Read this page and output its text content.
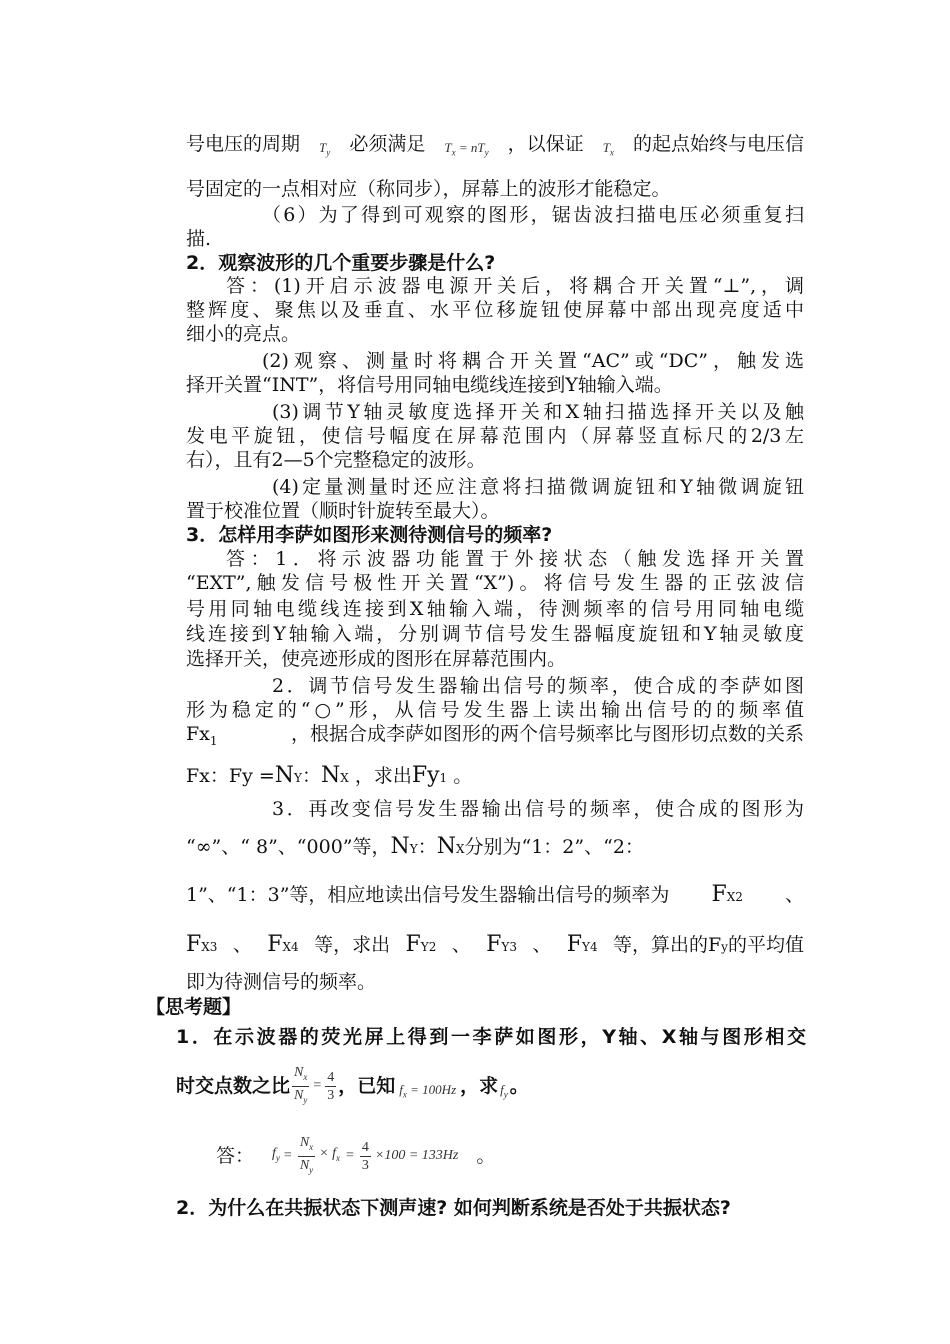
号电压的周期 $T_y$ 必须满足 $T_x = nT_y$ ，以保证 $T_x$ 的起点始终与电压信
号固定的一点相对应（称同步），屏幕上的波形才能稳定。
（6）为了得到可观察的图形，锯齿波扫描电压必须重复扫
描.
2．观察波形的几个重要步骤是什么?
答：(1)开启示波器电源开关后，将耦合开关置“⊥”,，调
整辉度、聚焦以及垂直、水平位移旋钮使屏幕中部出现亮度适中
细小的亮点。
(2)观察、测量时将耦合开关置“AC”或“DC”，触发选
择开关置“INT”，将信号用同轴电缆线连接到Y轴输入端。
(3)调节Y轴灵敏度选择开关和X轴扫描选择开关以及触
发电平旋钮，使信号幅度在屏幕范围内（屏幕竖直标尺的2/3左
右），且有2—5个完整稳定的波形。
(4)定量测量时还应注意将扫描微调旋钮和Y轴微调旋钮
置于校准位置（顺时针旋转至最大）。
3．怎样用李萨如图形来测待测信号的频率?
答：1．将示波器功能置于外接状态（触发选择开关置
“EXT”,触发信号极性开关置“X”)。将信号发生器的正弦波信
号用同轴电缆线连接到X轴输入端，待测频率的信号用同轴电缆
线连接到Y轴输入端，分别调节信号发生器幅度旋钮和Y轴灵敏度
选择开关，使亮迹形成的图形在屏幕范围内。
2．调节信号发生器输出信号的频率，使合成的李萨如图
形为稳定的“○”形，从信号发生器上读出输出信号的的频率值
$Fx_1$	，根据合成李萨如图形的两个信号频率比与图形切点数的关系
Fx：Fy =NY：NX ，求出Fy1 。
3．再改变信号发生器输出信号的频率，使合成的图形为
“∞”、“ 8”、“000”等，NY：NX分别为“1：2”、“2：
1”、“1：3”等，相应地读出信号发生器输出信号的频率为 FX2 、
FX3 、 FX4 等，求出 FY2 、 FY3 、 FY4 等，算出的Fy的平均值
即为待测信号的频率。
【思考题】
1．在示波器的荧光屏上得到一李萨如图形，Y轴、X轴与图形相交
时交点数之比 $\frac{N_x}{N_y} = \frac{4}{3}$ ，已知 $f_x = 100Hz$ ，求 $f_y$ 。
答： $f_y = \frac{N_x}{N_y} \times f_x = \frac{4}{3} \times 100 = 133Hz$ 。
2．为什么在共振状态下测声速? 如何判断系统是否处于共振状态?
